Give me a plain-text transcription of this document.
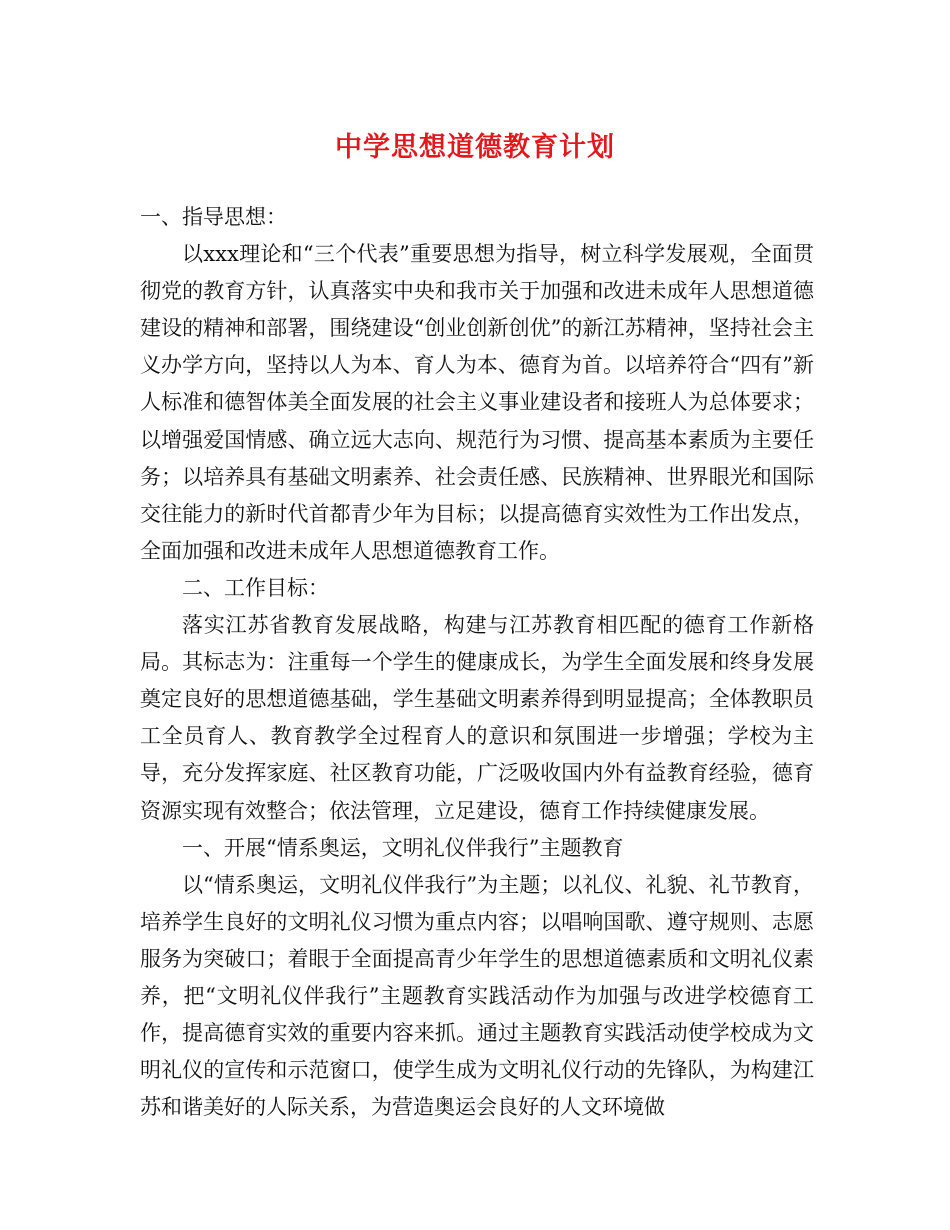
中学思想道德教育计划

一、指导思想：

以xxx理论和“三个代表”重要思想为指导，树立科学发展观，全面贯彻党的教育方针，认真落实中央和我市关于加强和改进未成年人思想道德建设的精神和部署，围绕建设“创业创新创优”的新江苏精神，坚持社会主义办学方向，坚持以人为本、育人为本、德育为首。以培养符合“四有”新人标准和德智体美全面发展的社会主义事业建设者和接班人为总体要求；以增强爱国情感、确立远大志向、规范行为习惯、提高基本素质为主要任务；以培养具有基础文明素养、社会责任感、民族精神、世界眼光和国际交往能力的新时代首都青少年为目标；以提高德育实效性为工作出发点，全面加强和改进未成年人思想道德教育工作。

二、工作目标：

落实江苏省教育发展战略，构建与江苏教育相匹配的德育工作新格局。其标志为：注重每一个学生的健康成长，为学生全面发展和终身发展奠定良好的思想道德基础，学生基础文明素养得到明显提高；全体教职员工全员育人、教育教学全过程育人的意识和氛围进一步增强；学校为主导，充分发挥家庭、社区教育功能，广泛吸收国内外有益教育经验，德育资源实现有效整合；依法管理，立足建设，德育工作持续健康发展。

一、开展“情系奥运，文明礼仪伴我行”主题教育

以“情系奥运，文明礼仪伴我行”为主题；以礼仪、礼貌、礼节教育，培养学生良好的文明礼仪习惯为重点内容；以唱响国歌、遵守规则、志愿服务为突破口；着眼于全面提高青少年学生的思想道德素质和文明礼仪素养，把“文明礼仪伴我行”主题教育实践活动作为加强与改进学校德育工作，提高德育实效的重要内容来抓。通过主题教育实践活动使学校成为文明礼仪的宣传和示范窗口，使学生成为文明礼仪行动的先锋队，为构建江苏和谐美好的人际关系，为营造奥运会良好的人文环境做
